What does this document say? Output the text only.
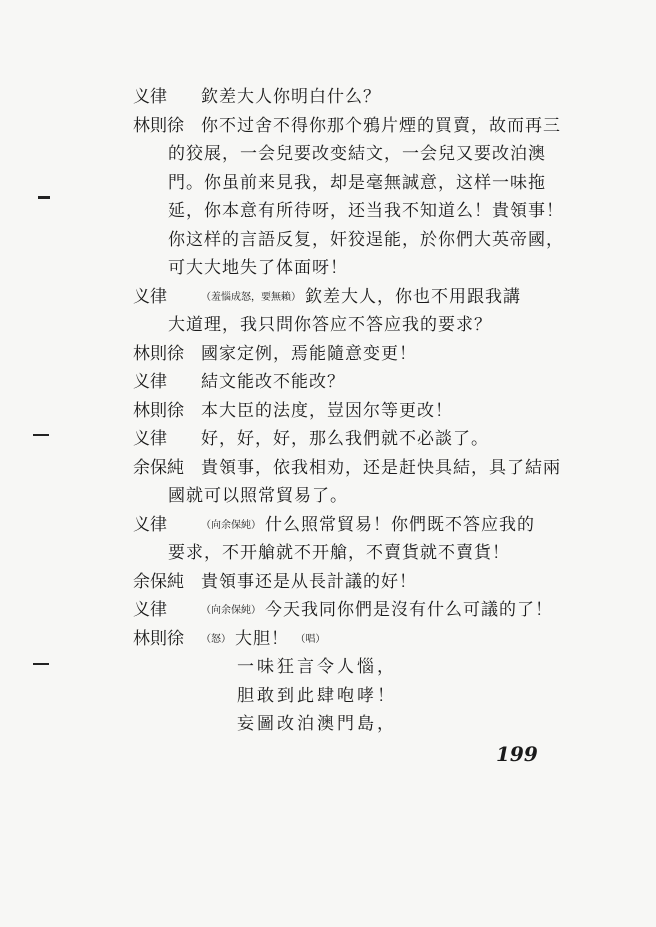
义律 欽差大人你明白什么？
林則徐	你不过舍不得你那个鴉片煙的買賣，故而再三
的狡展，一会兒要改变結文，一会兒又要改泊澳
門。你虽前来見我，却是毫無誠意，这样一味拖
延，你本意有所待呀，还当我不知道么！貴領事！
你这样的言語反复，奸狡逞能，於你們大英帝國，
可大大地失了体面呀！
义律	（羞惱成怒，要無賴） 欽差大人，你也不用跟我講
大道理，我只問你答应不答应我的要求？
林則徐	國家定例，焉能隨意变更！
义律	結文能改不能改？
林則徐	本大臣的法度，豈因尔等更改！
义律	好，好，好，那么我們就不必談了。
余保純	貴領事，依我相劝，还是赶快具結，具了結兩
國就可以照常貿易了。
义律	（向余保純） 什么照常貿易！你們既不答应我的
要求，不开艙就不开艙，不賣貨就不賣貨！
余保純	貴領事还是从長計議的好！
义律	（向余保純） 今天我同你們是沒有什么可議的了！
林則徐	（怒） 大胆！ （唱）
一味狂言令人惱，
胆敢到此肆咆哮！
妄圖改泊澳門島，
199
